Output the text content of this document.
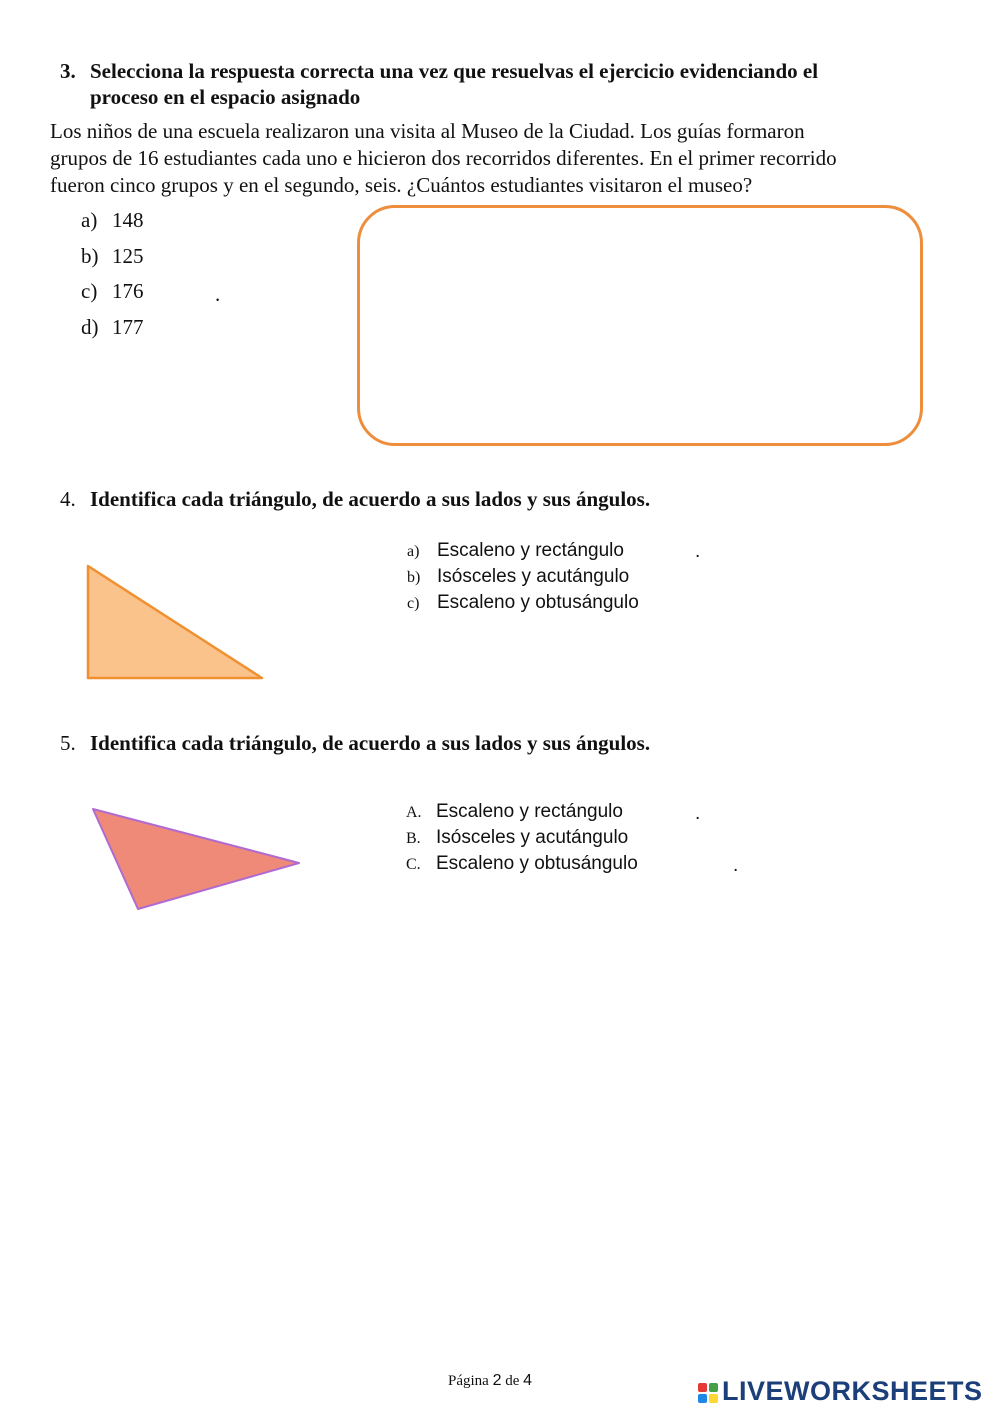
3. Selecciona la respuesta correcta una vez que resuelvas el ejercicio evidenciando el
proceso en el espacio asignado
Los niños de una escuela realizaron una visita al Museo de la Ciudad. Los guías formaron
grupos de 16 estudiantes cada uno e hicieron dos recorridos diferentes. En el primer recorrido
fueron cinco grupos y en el segundo, seis. ¿Cuántos estudiantes visitaron el museo?
a) 148
b) 125
c) 176
d) 177
.
4. Identifica cada triángulo, de acuerdo a sus lados y sus ángulos.
a) Escaleno y rectángulo
b) Isósceles y acutángulo
c) Escaleno y obtusángulo
.
5. Identifica cada triángulo, de acuerdo a sus lados y sus ángulos.
A. Escaleno y rectángulo
B. Isósceles y acutángulo
C. Escaleno y obtusángulo
.
.
Página 2 de 4	LIVEWORKSHEETS
